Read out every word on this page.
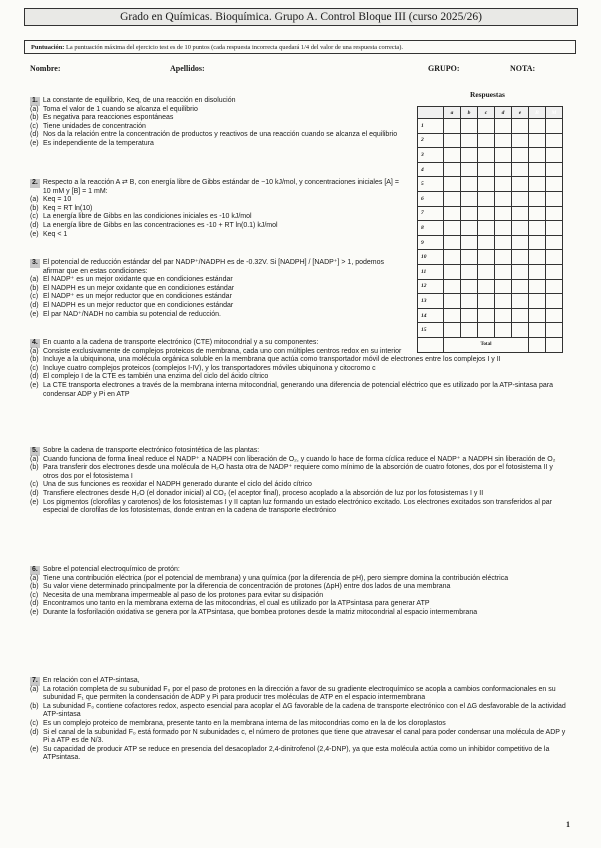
Grado en Químicas. Bioquímica. Grupo A. Control Bloque III (curso 2025/26)
Puntuación: La puntuación máxima del ejercicio test es de 10 puntos (cada respuesta incorrecta quedará 1/4 del valor de una respuesta correcta).
Nombre:	Apellidos:	GRUPO:	NOTA:
Respuestas
	a	b	c	d	e	B	M
1							
2							
3							
4							
5							
6							
7							
8							
9							
10							
11							
12							
13							
14							
15							
	Total						
1. La constante de equilibrio, Keq, de una reacción en disolución
(a) Toma el valor de 1 cuando se alcanza el equilibrio
(b) Es negativa para reacciones espontáneas
(c) Tiene unidades de concentración
(d) Nos da la relación entre la concentración de productos y reactivos de una reacción cuando se alcanza el equilibrio
(e) Es independiente de la temperatura
2. Respecto a la reacción A ⇄ B, con energía libre de Gibbs estándar de −10 kJ/mol, y concentraciones iniciales [A] = 10 mM y [B] = 1 mM:
(a) Keq = 10
(b) Keq = RT ln(10)
(c) La energía libre de Gibbs en las condiciones iniciales es -10 kJ/mol
(d) La energía libre de Gibbs en las concentraciones es -10 + RT ln(0.1) kJ/mol
(e) Keq < 1
3. El potencial de reducción estándar del par NADP⁺/NADPH es de -0.32V. Si [NADPH] / [NADP⁺] > 1, podemos afirmar que en estas condiciones:
(a) El NADP⁺ es un mejor oxidante que en condiciones estándar
(b) El NADPH es un mejor oxidante que en condiciones estándar
(c) El NADP⁺ es un mejor reductor que en condiciones estándar
(d) El NADPH es un mejor reductor que en condiciones estándar
(e) El par NAD⁺/NADH no cambia su potencial de reducción.
4. En cuanto a la cadena de transporte electrónico (CTE) mitocondrial y a su componentes:
(a) Consiste exclusivamente de complejos proteicos de membrana, cada uno con múltiples centros redox en su interior
(b) Incluye a la ubiquinona, una molécula orgánica soluble en la membrana que actúa como transportador móvil de electrones entre los complejos I y II
(c) Incluye cuatro complejos proteicos (complejos I-IV), y los transportadores móviles ubiquinona y citocromo c
(d) El complejo I de la CTE es también una enzima del ciclo del ácido cítrico
(e) La CTE transporta electrones a través de la membrana interna mitocondrial, generando una diferencia de potencial eléctrico que es utilizado por la ATP-sintasa para condensar ADP y Pi en ATP
5. Sobre la cadena de transporte electrónico fotosintética de las plantas:
(a) Cuando funciona de forma lineal reduce el NADP⁺ a NADPH con liberación de O₂, y cuando lo hace de forma cíclica reduce el NADP⁺ a NADPH sin liberación de O₂
(b) Para transferir dos electrones desde una molécula de H₂O hasta otra de NADP⁺ requiere como mínimo de la absorción de cuatro fotones, dos por el fotosistema II y otros dos por el fotosistema I
(c) Una de sus funciones es reoxidar el NADPH generado durante el ciclo del ácido cítrico
(d) Transfiere electrones desde H₂O (el donador inicial) al CO₂ (el aceptor final), proceso acoplado a la absorción de luz por los fotosistemas I y II
(e) Los pigmentos (clorofilas y carotenos) de los fotosistemas I y II captan luz formando un estado electrónico excitado. Los electrones excitados son transferidos al par especial de clorofilas de los fotosistemas, donde entran en la cadena de transporte electrónico
6. Sobre el potencial electroquímico de protón:
(a) Tiene una contribución eléctrica (por el potencial de membrana) y una química (por la diferencia de pH), pero siempre domina la contribución eléctrica
(b) Su valor viene determinado principalmente por la diferencia de concentración de protones (ΔpH) entre dos lados de una membrana
(c) Necesita de una membrana impermeable al paso de los protones para evitar su disipación
(d) Encontramos uno tanto en la membrana externa de las mitocondrias, el cual es utilizado por la ATPsintasa para generar ATP
(e) Durante la fosforilación oxidativa se genera por la ATPsintasa, que bombea protones desde la matriz mitocondrial al espacio intermembrana
7. En relación con el ATP-sintasa,
(a) La rotación completa de su subunidad F₀ por el paso de protones en la dirección a favor de su gradiente electroquímico se acopla a cambios conformacionales en su subunidad F₁ que permiten la condensación de ADP y Pi para producir tres moléculas de ATP en el espacio intermembrana
(b) La subunidad F₀ contiene cofactores redox, aspecto esencial para acoplar el ΔG favorable de la cadena de transporte electrónico con el ΔG desfavorable de la actividad ATP-sintasa
(c) Es un complejo proteico de membrana, presente tanto en la membrana interna de las mitocondrias como en la de los cloroplastos
(d) Si el canal de la subunidad F₀ está formado por N subunidades c, el número de protones que tiene que atravesar el canal para poder condensar una molécula de ADP y Pi a ATP es de N/3.
(e) Su capacidad de producir ATP se reduce en presencia del desacoplador 2,4-dinitrofenol (2,4-DNP), ya que esta molécula actúa como un inhibidor competitivo de la ATPsintasa.
1
